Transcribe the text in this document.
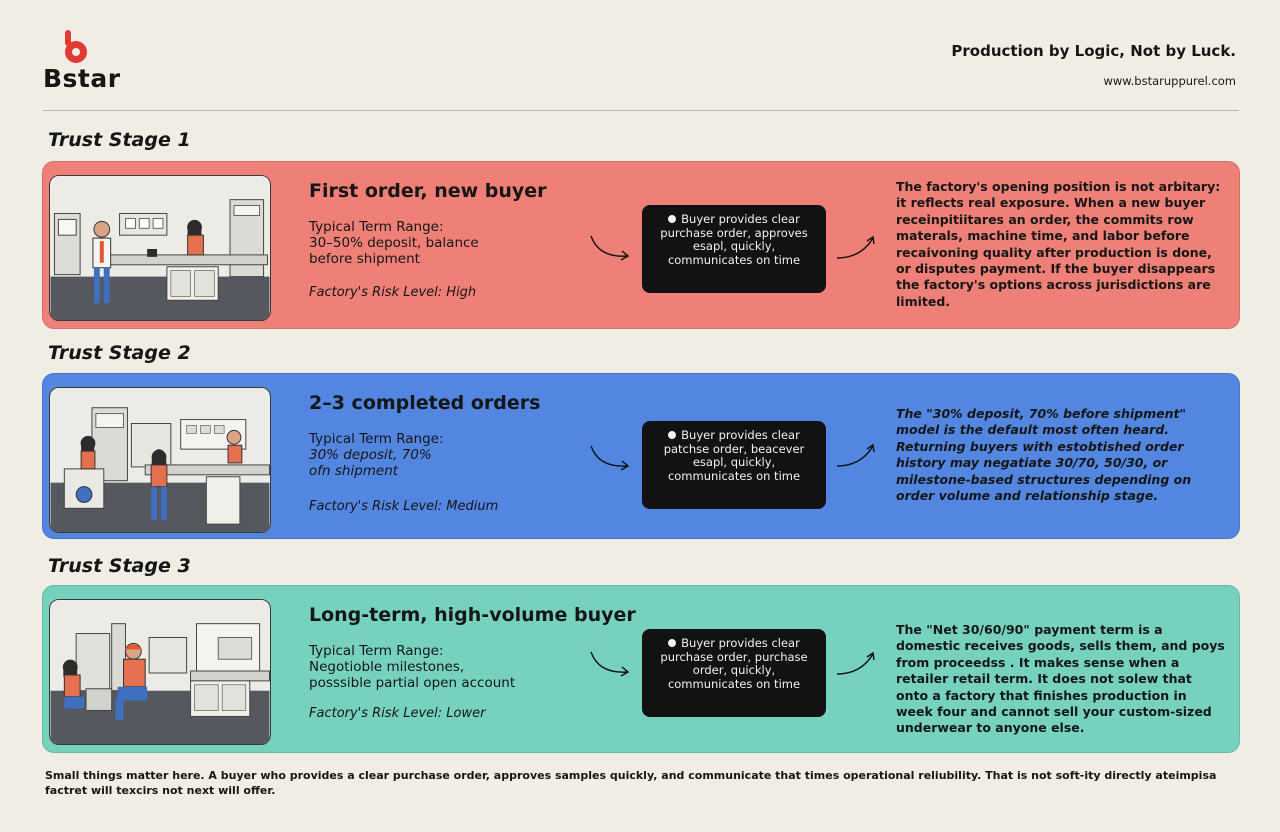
Bstar
Production by Logic, Not by Luck.
www.bstaruppurel.com
Trust Stage 1
First order, new buyer
Typical Term Range:
30–50% deposit, balance
before shipment
Factory's Risk Level: High
Buyer provides clear purchase order, approves esapl, quickly, communicates on time
The factory's opening position is not arbitary: it reflects real exposure. When a new buyer receinpitiitares an order, the commits row materals, machine time, and labor before recaivoning quality after production is done, or disputes payment. If the buyer disappears the factory's options across jurisdictions are limited.
Trust Stage 2
2–3 completed orders
Typical Term Range:
30% deposit, 70%
ofn shipment
Factory's Risk Level: Medium
Buyer provides clear patchse order, beacever esapl, quickly, communicates on time
The "30% deposit, 70% before shipment" model is the default most often heard. Returning buyers with estobtished order history may negatiate 30/70, 50/30, or milestone-based structures depending on order volume and relationship stage.
Trust Stage 3
Long-term, high-volume buyer
Typical Term Range:
Negotioble milestones,
posssible partial open account
Factory's Risk Level: Lower
Buyer provides clear purchase order, purchase order, quickly, communicates on time
The "Net 30/60/90" payment term is a domestic receives goods, sells them, and poys from proceedss . It makes sense when a retailer retail term. It does not solew that onto a factory that finishes production in week four and cannot sell your custom-sized underwear to anyone else.
Small things matter here. A buyer who provides a clear purchase order, approves samples quickly, and communicate that times operational reliubility. That is not soft-ity directly ateimpisa factret will texcirs not next will offer.
